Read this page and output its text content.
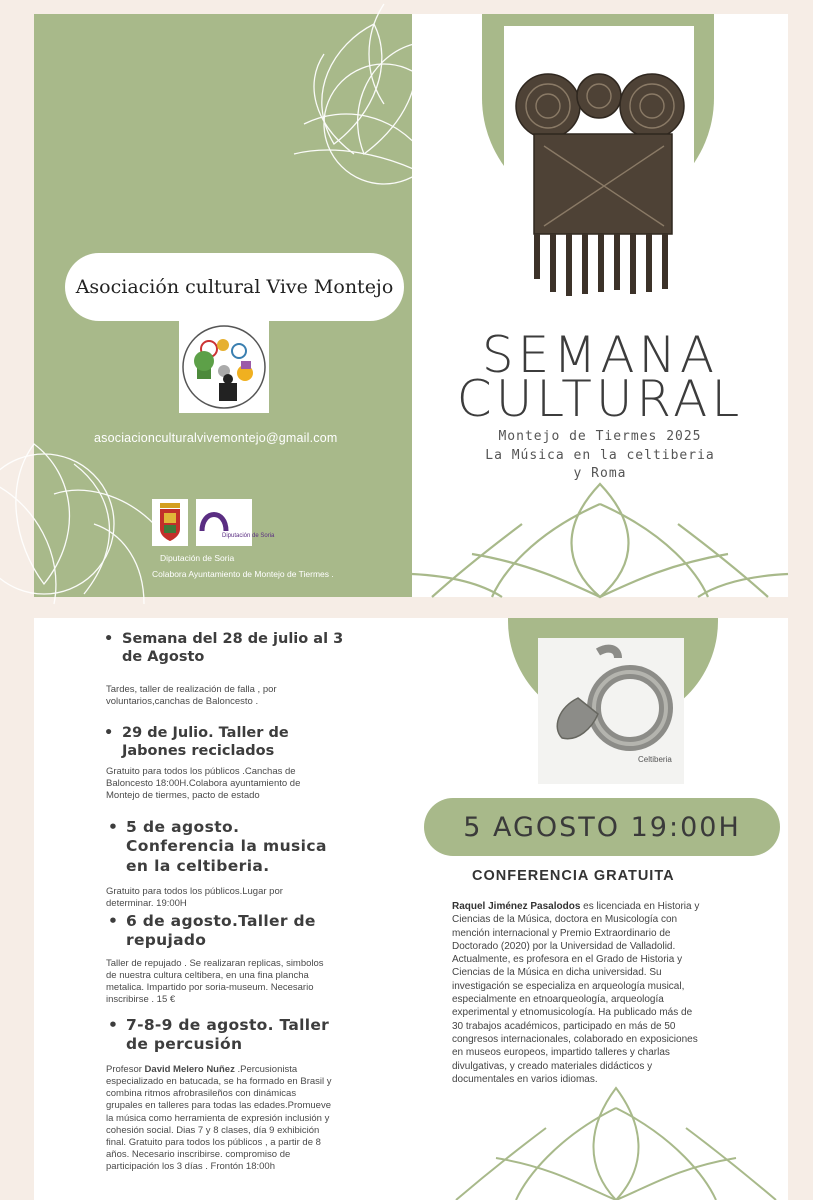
Asociación cultural Vive Montejo
asociacionculturalvivemontejo@gmail.com
Diputación de Soria
Diputación de Soria
Colabora Ayuntamiento de Montejo de Tiermes .
SEMANA
CULTURAL
Montejo de Tiermes 2025
La Música en la celtiberia
y Roma
• Semana del 28 de julio al 3
de Agosto
Tardes, taller de realización de falla , por
voluntarios,canchas de Baloncesto .
• 29 de Julio. Taller de
Jabones reciclados
Gratuito para todos los públicos .Canchas de
Baloncesto 18:00H.Colabora ayuntamiento de
Montejo de tiermes, pacto de estado
• 5 de agosto.
Conferencia la musica
en la celtiberia.
Gratuito para todos los públicos.Lugar por
determinar. 19:00H
• 6 de agosto.Taller de
repujado
Taller de repujado . Se realizaran replicas, simbolos
de nuestra cultura celtibera, en una fina plancha
metalica. Impartido por soria-museum. Necesario
inscribirse . 15 €
• 7-8-9 de agosto. Taller
de percusión
Profesor David Melero Nuñez .Percusionista
especializado en batucada, se ha formado en Brasil y
combina ritmos afrobrasileños con dinámicas
grupales en talleres para todas las edades.Promueve
la música como herramienta de expresión inclusión y
cohesión social. Dias 7 y 8 clases, día 9 exhibición
final. Gratuito para todos los públicos , a partir de 8
años. Necesario inscribirse. compromiso de
participación los 3 días . Frontón 18:00h
Celtiberia
5 AGOSTO 19:00H
CONFERENCIA GRATUITA
Raquel Jiménez Pasalodos es licenciada en Historia y
Ciencias de la Música, doctora en Musicología con
mención internacional y Premio Extraordinario de
Doctorado (2020) por la Universidad de Valladolid.
Actualmente, es profesora en el Grado de Historia y
Ciencias de la Música en dicha universidad. Su
investigación se especializa en arqueología musical,
especialmente en etnoarqueología, arqueología
experimental y etnomusicología. Ha publicado más de
30 trabajos académicos, participado en más de 50
congresos internacionales, colaborado en exposiciones
en museos europeos, impartido talleres y charlas
divulgativas, y creado materiales didácticos y
documentales en varios idiomas.
